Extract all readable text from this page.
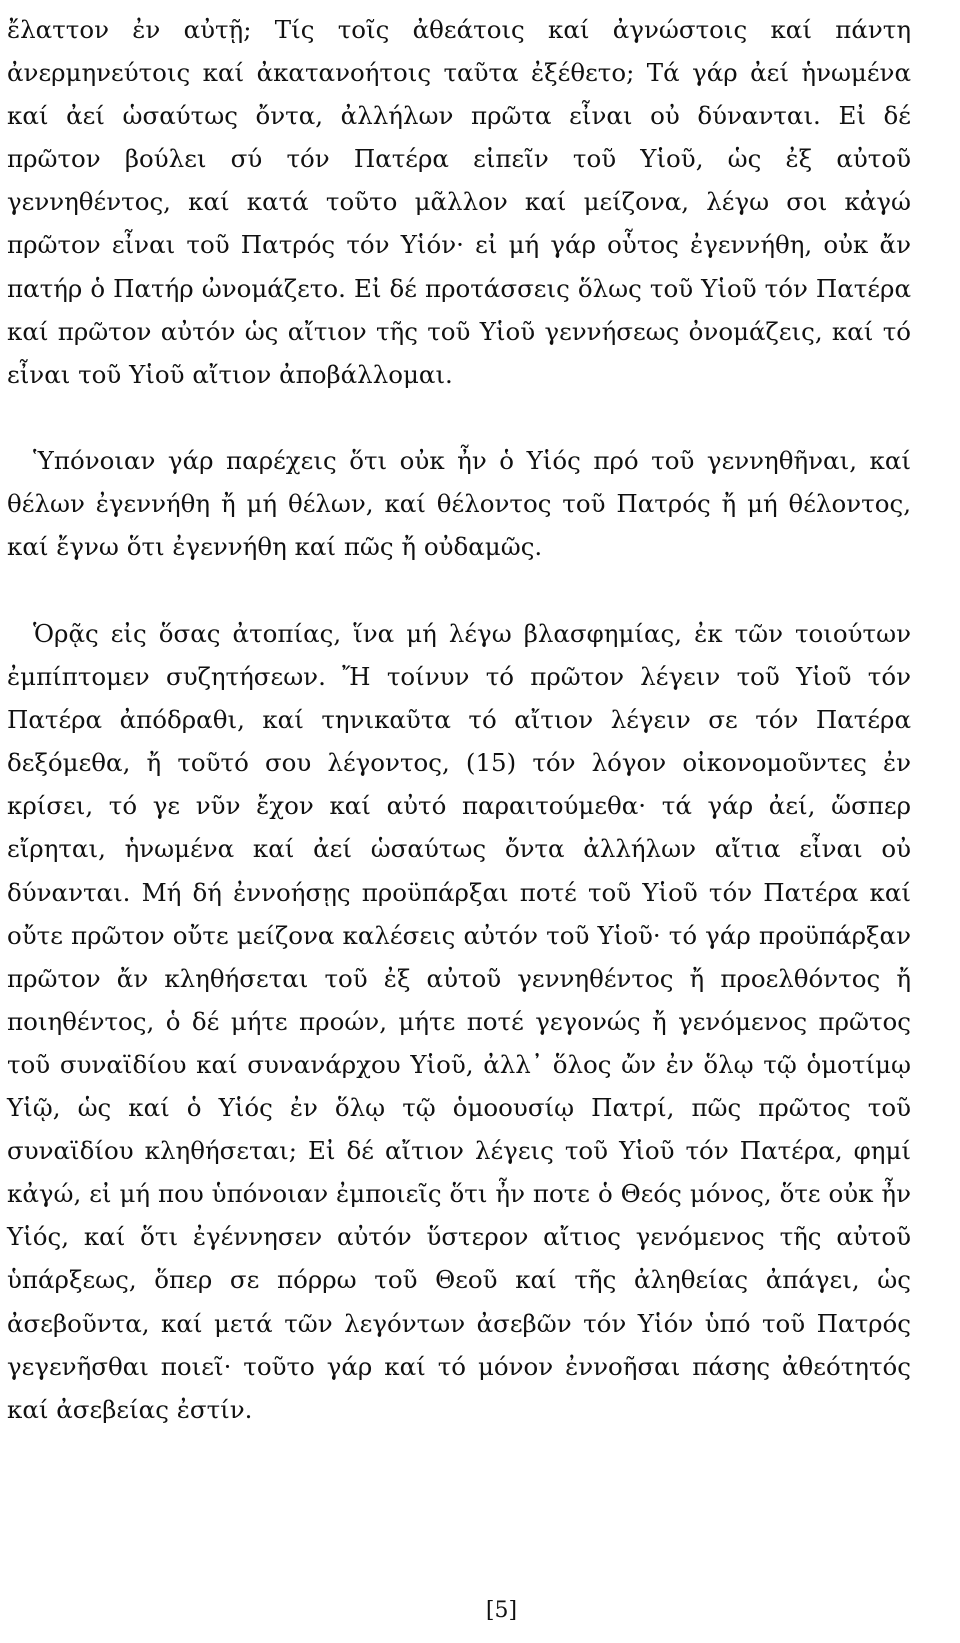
ἔλαττον ἐν αὐτῇ; Τίς τοῖς ἀθεάτοις καί ἀγνώστοις καί πάντη ἀνερμηνεύτοις καί ἀκατανοήτοις ταῦτα ἐξέθετο; Τά γάρ ἀεί ἡνωμένα καί ἀεί ὡσαύτως ὄντα, ἀλλήλων πρῶτα εἶναι οὐ δύνανται. Εἰ δέ πρῶτον βούλει σύ τόν Πατέρα εἰπεῖν τοῦ Υἱοῦ, ὡς ἐξ αὐτοῦ γεννηθέντος, καί κατά τοῦτο μᾶλλον καί μείζονα, λέγω σοι κἀγώ πρῶτον εἶναι τοῦ Πατρός τόν Υἱόν· εἰ μή γάρ οὗτος ἐγεννήθη, οὐκ ἄν πατήρ ὁ Πατήρ ὠνομάζετο. Εἰ δέ προτάσσεις ὅλως τοῦ Υἱοῦ τόν Πατέρα καί πρῶτον αὐτόν ὡς αἴτιον τῆς τοῦ Υἱοῦ γεννήσεως ὀνομάζεις, καί τό εἶναι τοῦ Υἱοῦ αἴτιον ἀποβάλλομαι.

Ὑπόνοιαν γάρ παρέχεις ὅτι οὐκ ἦν ὁ Υἱός πρό τοῦ γεννηθῆναι, καί θέλων ἐγεννήθη ἤ μή θέλων, καί θέλοντος τοῦ Πατρός ἤ μή θέλοντος, καί ἔγνω ὅτι ἐγεννήθη καί πῶς ἤ οὐδαμῶς.

Ὁρᾷς εἰς ὅσας ἀτοπίας, ἵνα μή λέγω βλασφημίας, ἐκ τῶν τοιούτων ἐμπίπτομεν συζητήσεων. Ἤ τοίνυν τό πρῶτον λέγειν τοῦ Υἱοῦ τόν Πατέρα ἀπόδραθι, καί τηνικαῦτα τό αἴτιον λέγειν σε τόν Πατέρα δεξόμεθα, ἤ τοῦτό σου λέγοντος, (15) τόν λόγον οἰκονομοῦντες ἐν κρίσει, τό γε νῦν ἔχον καί αὐτό παραιτούμεθα· τά γάρ ἀεί, ὥσπερ εἴρηται, ἡνωμένα καί ἀεί ὡσαύτως ὄντα ἀλλήλων αἴτια εἶναι οὐ δύνανται. Μή δή ἐννοήσῃς προϋπάρξαι ποτέ τοῦ Υἱοῦ τόν Πατέρα καί οὔτε πρῶτον οὔτε μείζονα καλέσεις αὐτόν τοῦ Υἱοῦ· τό γάρ προϋπάρξαν πρῶτον ἄν κληθήσεται τοῦ ἐξ αὐτοῦ γεννηθέντος ἤ προελθόντος ἤ ποιηθέντος, ὁ δέ μήτε προών, μήτε ποτέ γεγονώς ἤ γενόμενος πρῶτος τοῦ συναϊδίου καί συνανάρχου Υἱοῦ, ἀλλ᾽ ὅλος ὤν ἐν ὅλῳ τῷ ὁμοτίμῳ Υἱῷ, ὡς καί ὁ Υἱός ἐν ὅλῳ τῷ ὁμοουσίῳ Πατρί, πῶς πρῶτος τοῦ συναϊδίου κληθήσεται; Εἰ δέ αἴτιον λέγεις τοῦ Υἱοῦ τόν Πατέρα, φημί κἀγώ, εἰ μή που ὑπόνοιαν ἐμποιεῖς ὅτι ἦν ποτε ὁ Θεός μόνος, ὅτε οὐκ ἦν Υἱός, καί ὅτι ἐγέννησεν αὐτόν ὕστερον αἴτιος γενόμενος τῆς αὐτοῦ ὑπάρξεως, ὅπερ σε πόρρω τοῦ Θεοῦ καί τῆς ἀληθείας ἀπάγει, ὡς ἀσεβοῦντα, καί μετά τῶν λεγόντων ἀσεβῶν τόν Υἱόν ὑπό τοῦ Πατρός γεγενῆσθαι ποιεῖ· τοῦτο γάρ καί τό μόνον ἐννοῆσαι πάσης ἀθεότητός καί ἀσεβείας ἐστίν.

[5]
